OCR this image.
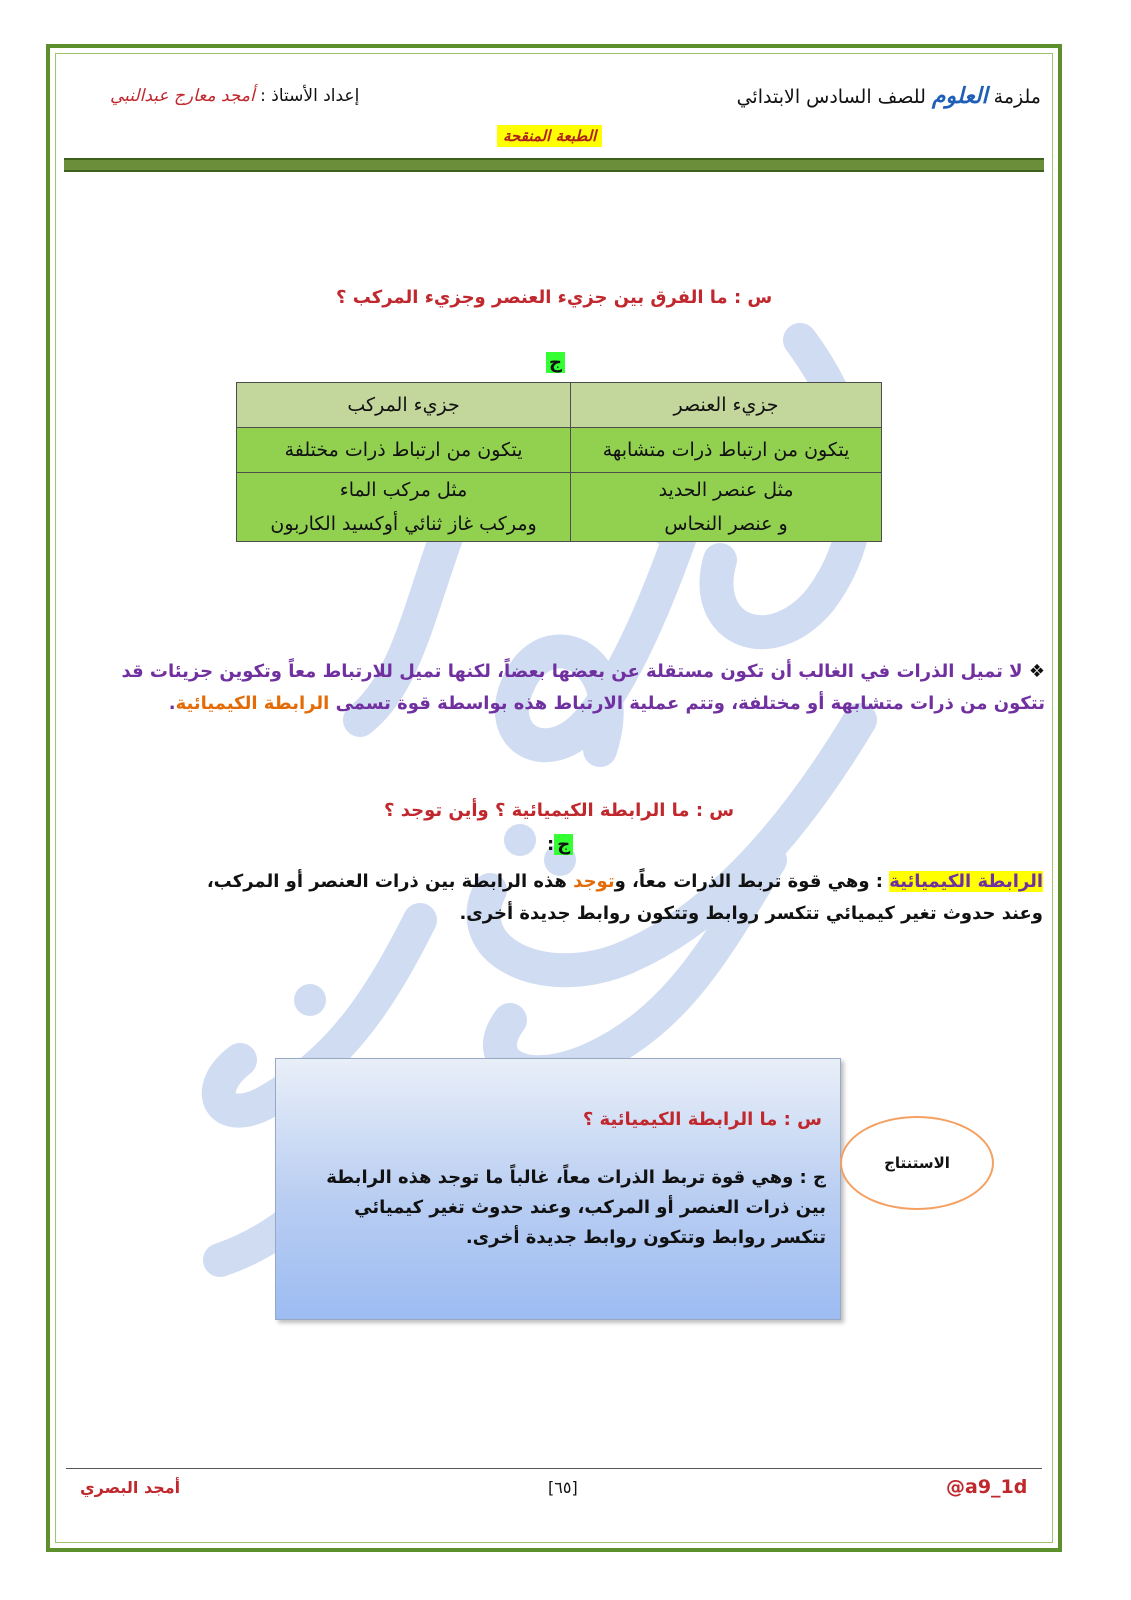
ملزمة العلوم للصف السادس الابتدائي
إعداد الأستاذ : أمجد معارج عبدالنبي
الطبعة المنقحة
س : ما الفرق بين جزيء العنصر وجزيء المركب ؟
ج
جزيء العنصر	جزيء المركب
يتكون من ارتباط ذرات متشابهة	يتكون من ارتباط ذرات مختلفة
مثل عنصر الحديد	مثل مركب الماء
و عنصر النحاس	ومركب غاز ثنائي أوكسيد الكاربون
❖ لا تميل الذرات في الغالب أن تكون مستقلة عن بعضها بعضاً، لكنها تميل للارتباط معاً وتكوين جزيئات قد تتكون من ذرات متشابهة أو مختلفة، وتتم عملية الارتباط هذه بواسطة قوة تسمى الرابطة الكيميائية.
س : ما الرابطة الكيميائية ؟ وأين توجد ؟
ج:
الرابطة الكيميائية : وهي قوة تربط الذرات معاً، وتوجد هذه الرابطة بين ذرات العنصر أو المركب، وعند حدوث تغير كيميائي تتكسر روابط وتتكون روابط جديدة أخرى.
س : ما الرابطة الكيميائية ؟
ج : وهي قوة تربط الذرات معاً، غالباً ما توجد هذه الرابطة بين ذرات العنصر أو المركب، وعند حدوث تغير كيميائي تتكسر روابط وتتكون روابط جديدة أخرى.
الاستنتاج
أمجد البصري	[٦٥]	@a9_1d
